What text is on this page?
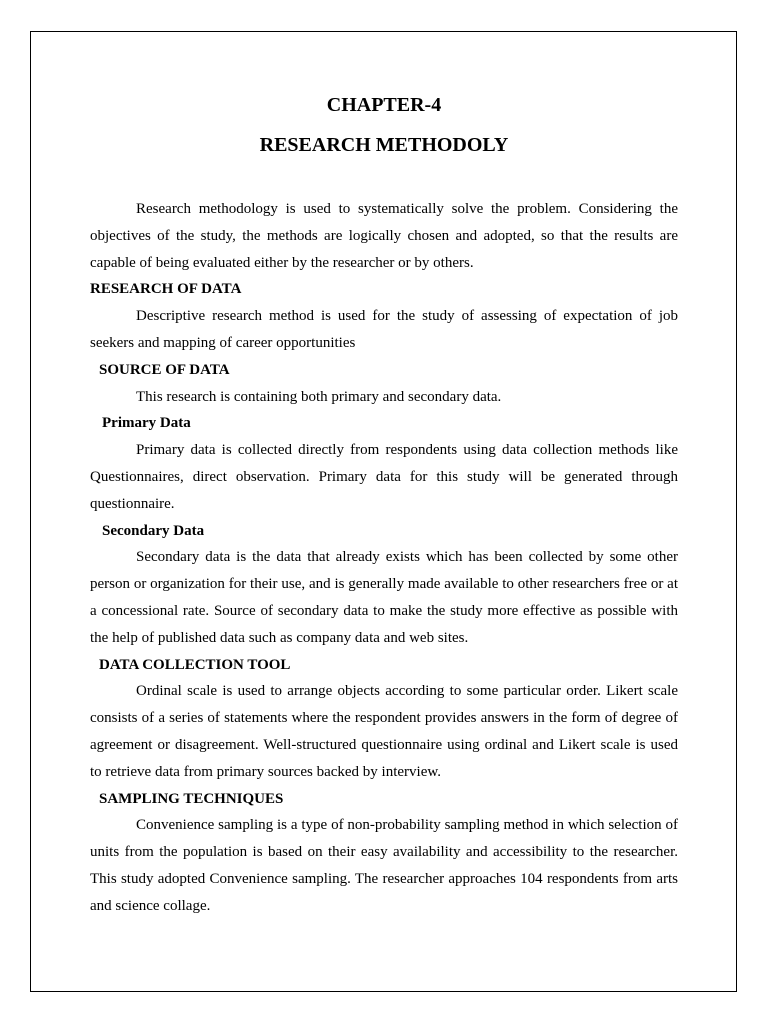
CHAPTER-4
RESEARCH METHODOLY

Research methodology is used to systematically solve the problem. Considering the objectives of the study, the methods are logically chosen and adopted, so that the results are capable of being evaluated either by the researcher or by others.

RESEARCH OF DATA

Descriptive research method is used for the study of assessing of expectation of job seekers and mapping of career opportunities

SOURCE OF DATA

This research is containing both primary and secondary data.

Primary Data

Primary data is collected directly from respondents using data collection methods like Questionnaires, direct observation. Primary data for this study will be generated through questionnaire.

Secondary Data

Secondary data is the data that already exists which has been collected by some other person or organization for their use, and is generally made available to other researchers free or at a concessional rate. Source of secondary data to make the study more effective as possible with the help of published data such as company data and web sites.

DATA COLLECTION TOOL

Ordinal scale is used to arrange objects according to some particular order. Likert scale consists of a series of statements where the respondent provides answers in the form of degree of agreement or disagreement. Well-structured questionnaire using ordinal and Likert scale is used to retrieve data from primary sources backed by interview.

SAMPLING TECHNIQUES

Convenience sampling is a type of non-probability sampling method in which selection of units from the population is based on their easy availability and accessibility to the researcher. This study adopted Convenience sampling. The researcher approaches 104 respondents from arts and science collage.
